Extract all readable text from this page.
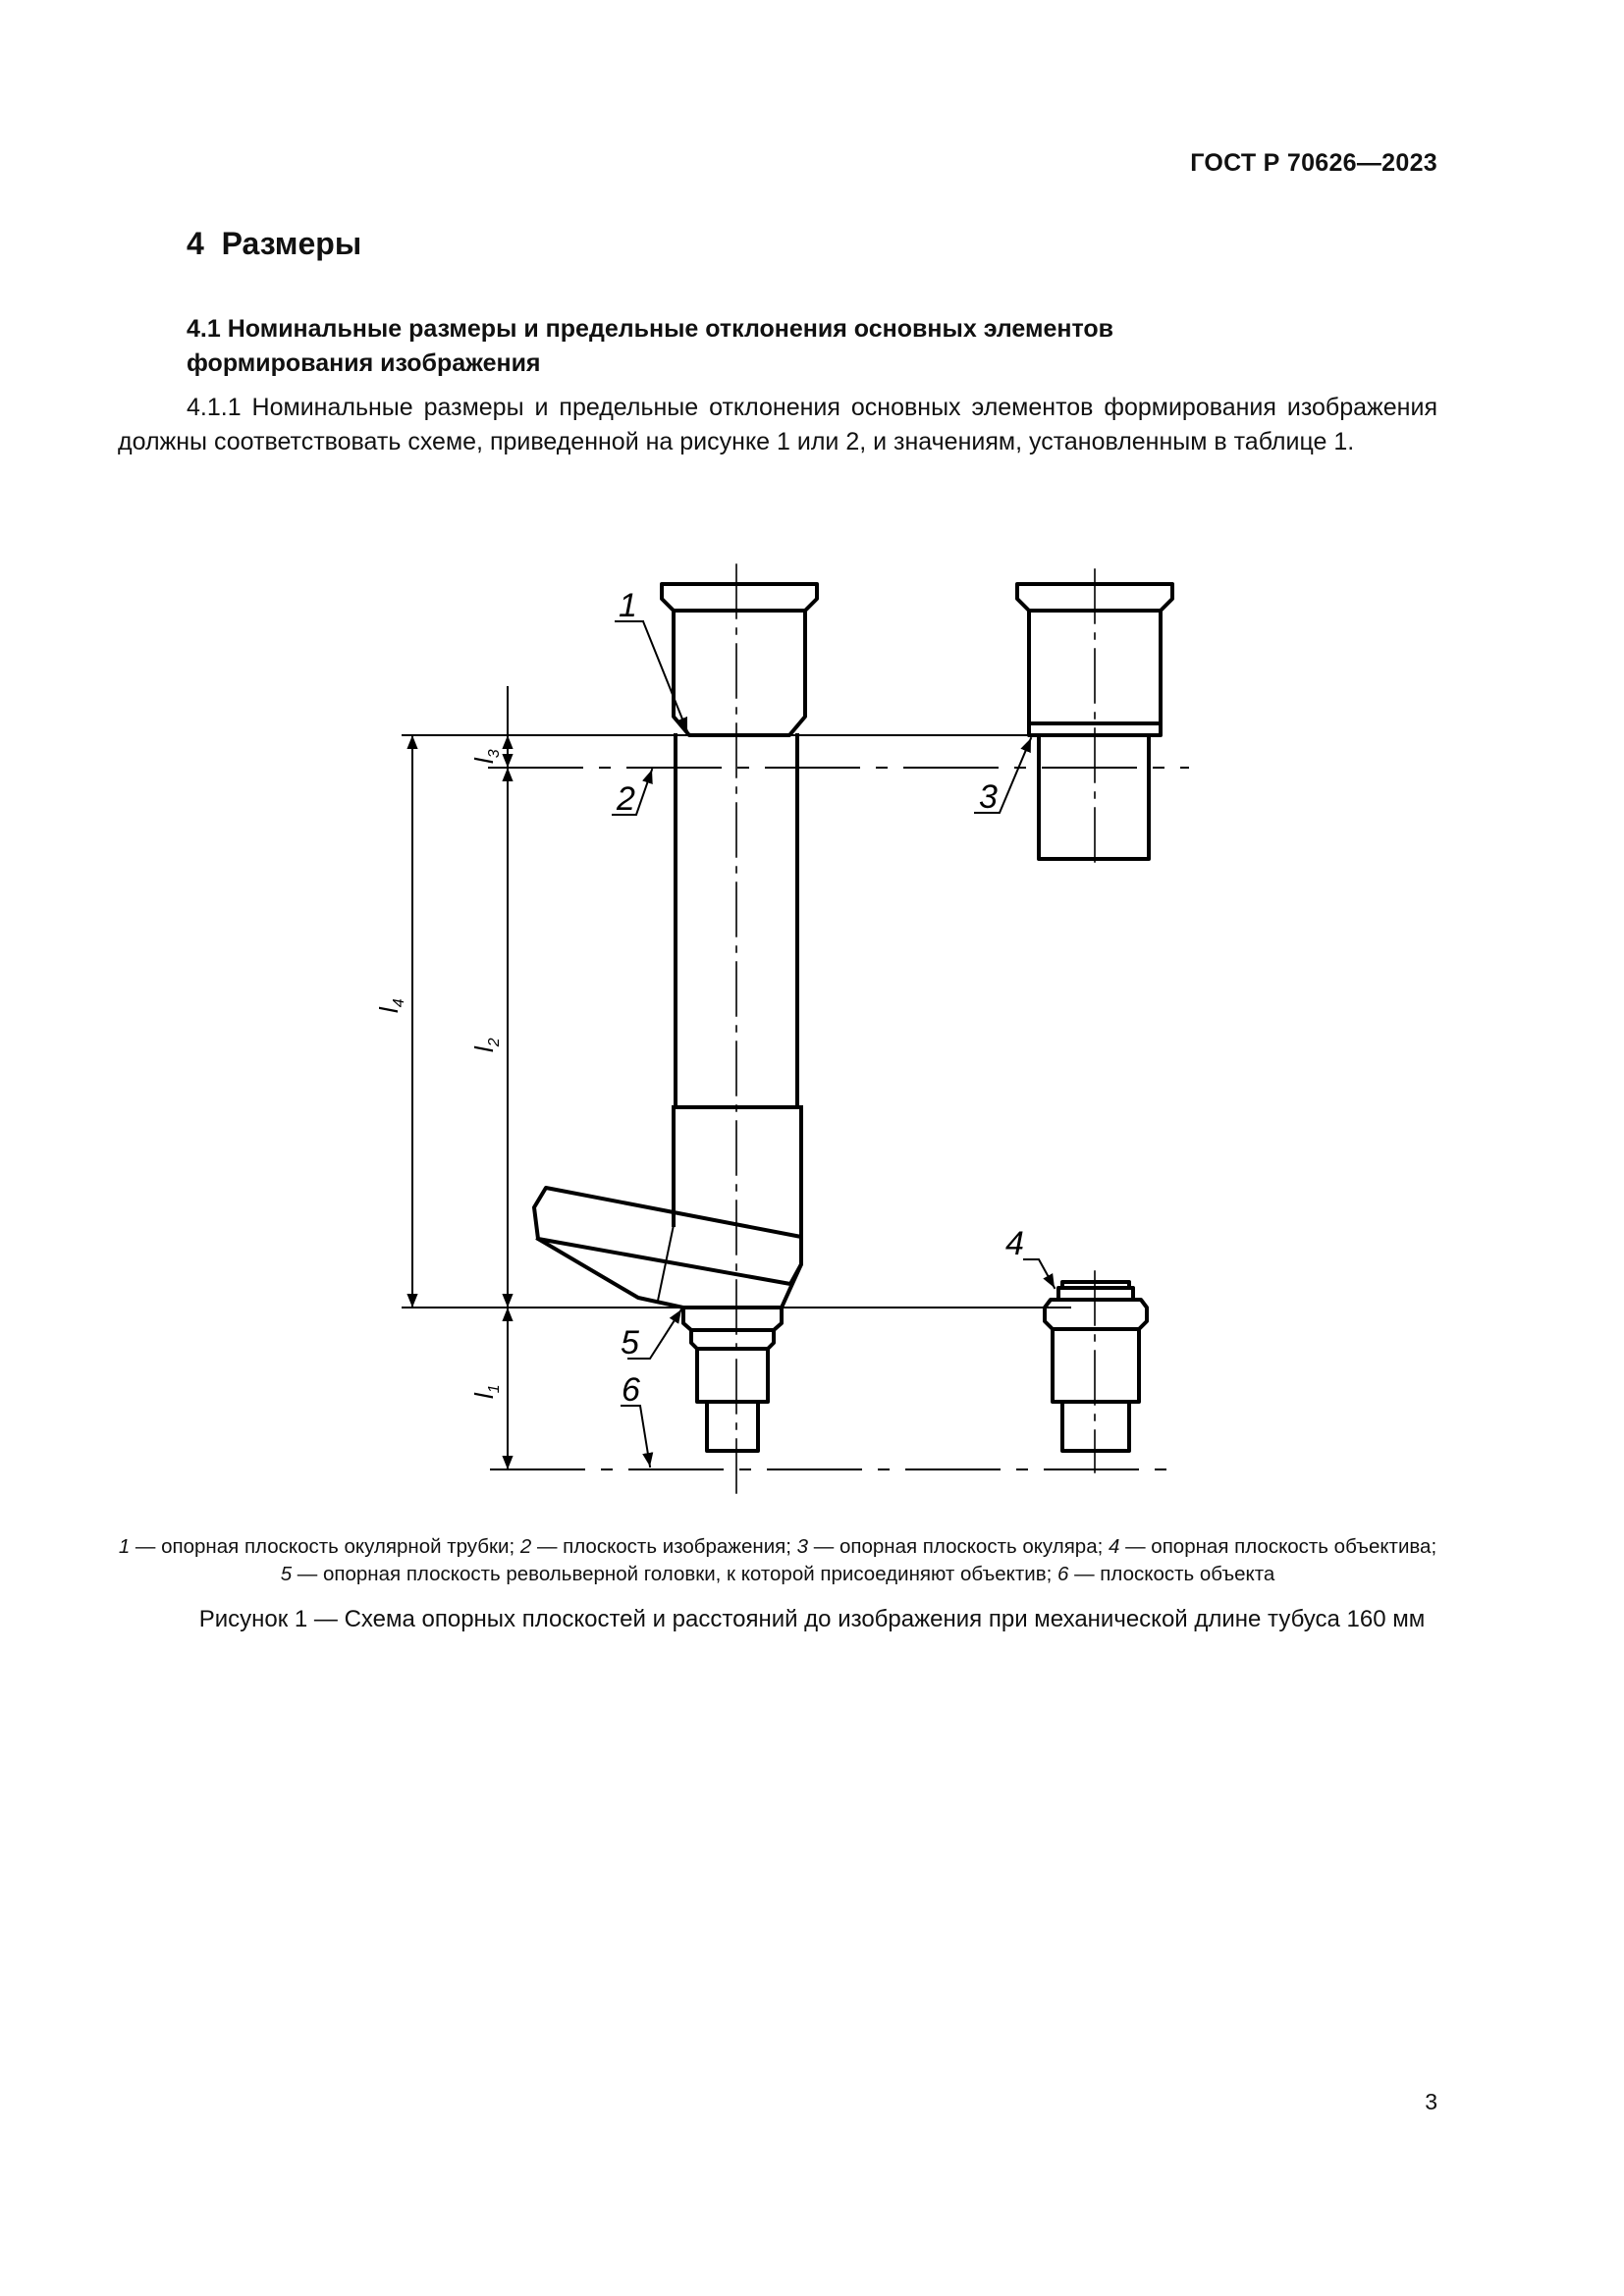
ГОСТ Р 70626—2023
4  Размеры
4.1 Номинальные размеры и предельные отклонения основных элементов формирования изображения
4.1.1 Номинальные размеры и предельные отклонения основных элементов формирования изображения должны соответствовать схеме, приведенной на рисунке 1 или 2, и значениям, установленным в таблице 1.
1
2	3
4
5
6
$l_3$
$l_2$
$l_1$
$l_4$
1 — опорная плоскость окулярной трубки; 2 — плоскость изображения; 3 — опорная плоскость окуляра; 4 — опорная плоскость объектива; 5 — опорная плоскость револьверной головки, к которой присоединяют объектив; 6 — плоскость объекта
Рисунок 1 — Схема опорных плоскостей и расстояний до изображения при механической длине тубуса 160 мм
3
